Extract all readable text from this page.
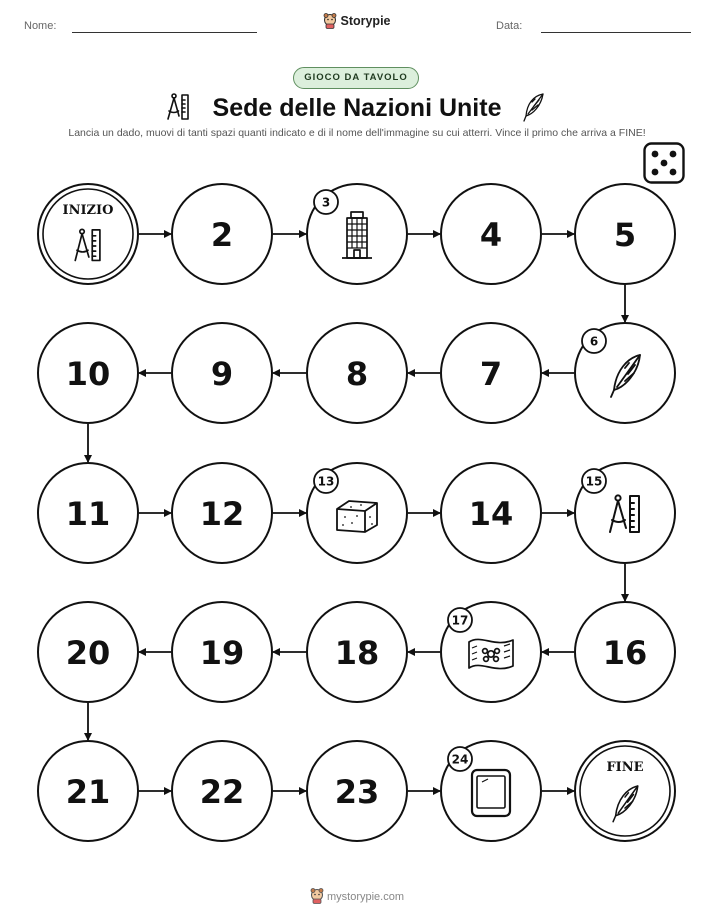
Nome:	Storypie	Data:
GIOCO DA TAVOLO
Sede delle Nazioni Unite
Lancia un dado, muovi di tanti spazi quanti indicato e di il nome dell'immagine su cui atterri. Vince il primo che arriva a FINE!
INIZIO
2
3
4	5
6
7
8
9
10
11	12
13
14
15
16
17
18
19
20
21	22	23
24
FINE
mystorypie.com
